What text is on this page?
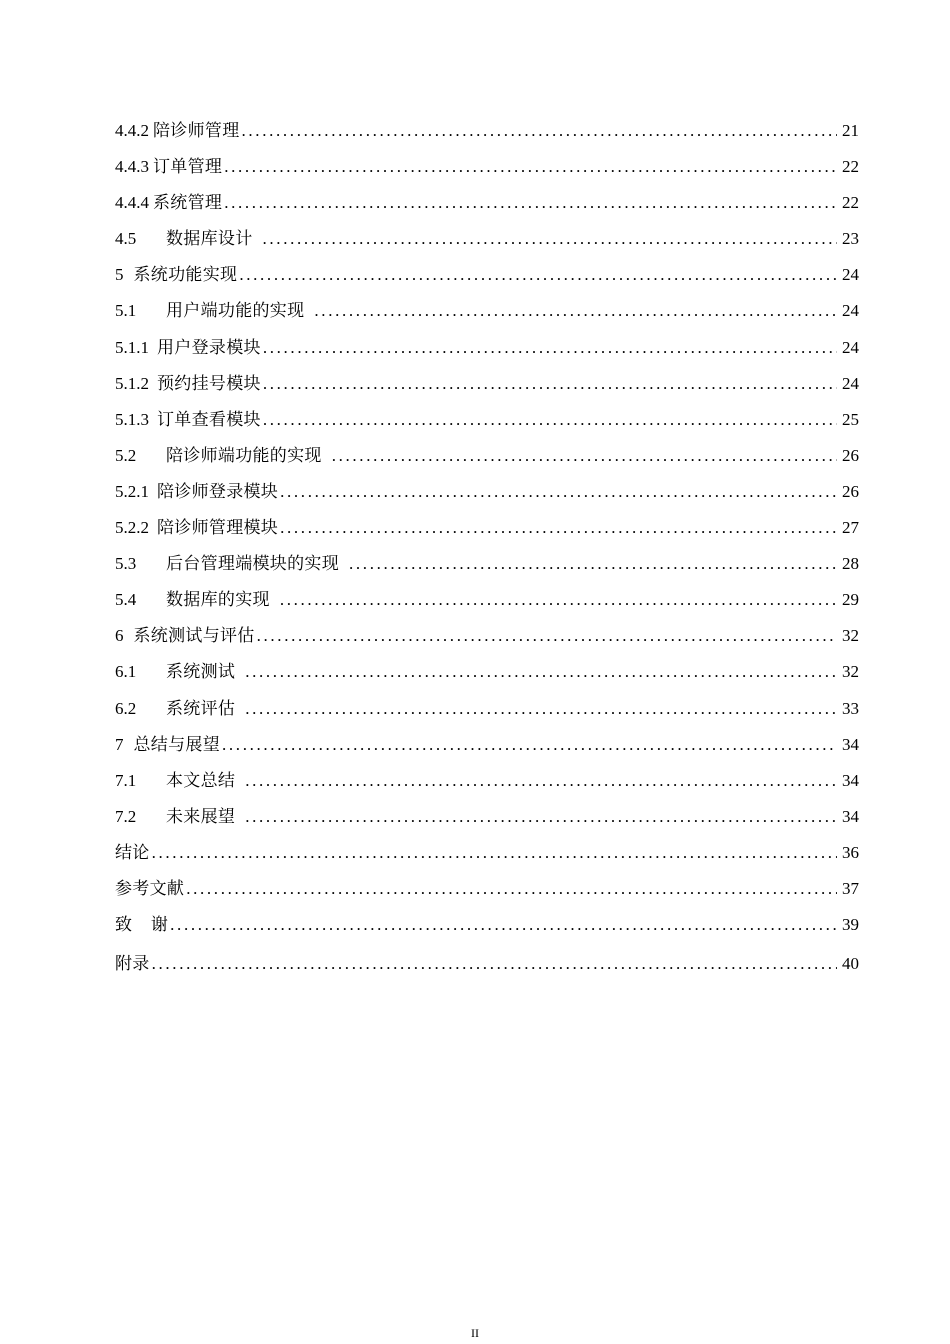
4.4.2 陪诊师管理 . . .	21
4.4.3 订单管理 . . .	22
4.4.4 系统管理 . . .	22
4.5	数据库设计 . . .	23
5 系统功能实现 . . .	24
5.1	用户端功能的实现 . . .	24
5.1.1 用户登录模块 . . .	24
5.1.2 预约挂号模块 . . .	24
5.1.3 订单查看模块 . . .	25
5.2	陪诊师端功能的实现 . . .	26
5.2.1 陪诊师登录模块 . . .	26
5.2.2 陪诊师管理模块 . . .	27
5.3	后台管理端模块的实现 . . .	28
5.4	数据库的实现 . . .	29
6 系统测试与评估 . . .	32
6.1	系统测试 . . .	32
6.2	系统评估 . . .	33
7 总结与展望 . . .	34
7.1	本文总结 . . .	34
7.2	未来展望 . . .	34
结论 . . .	36
参考文献 . . .	37
致 谢 . . .	39
附录 . . .	40
II
